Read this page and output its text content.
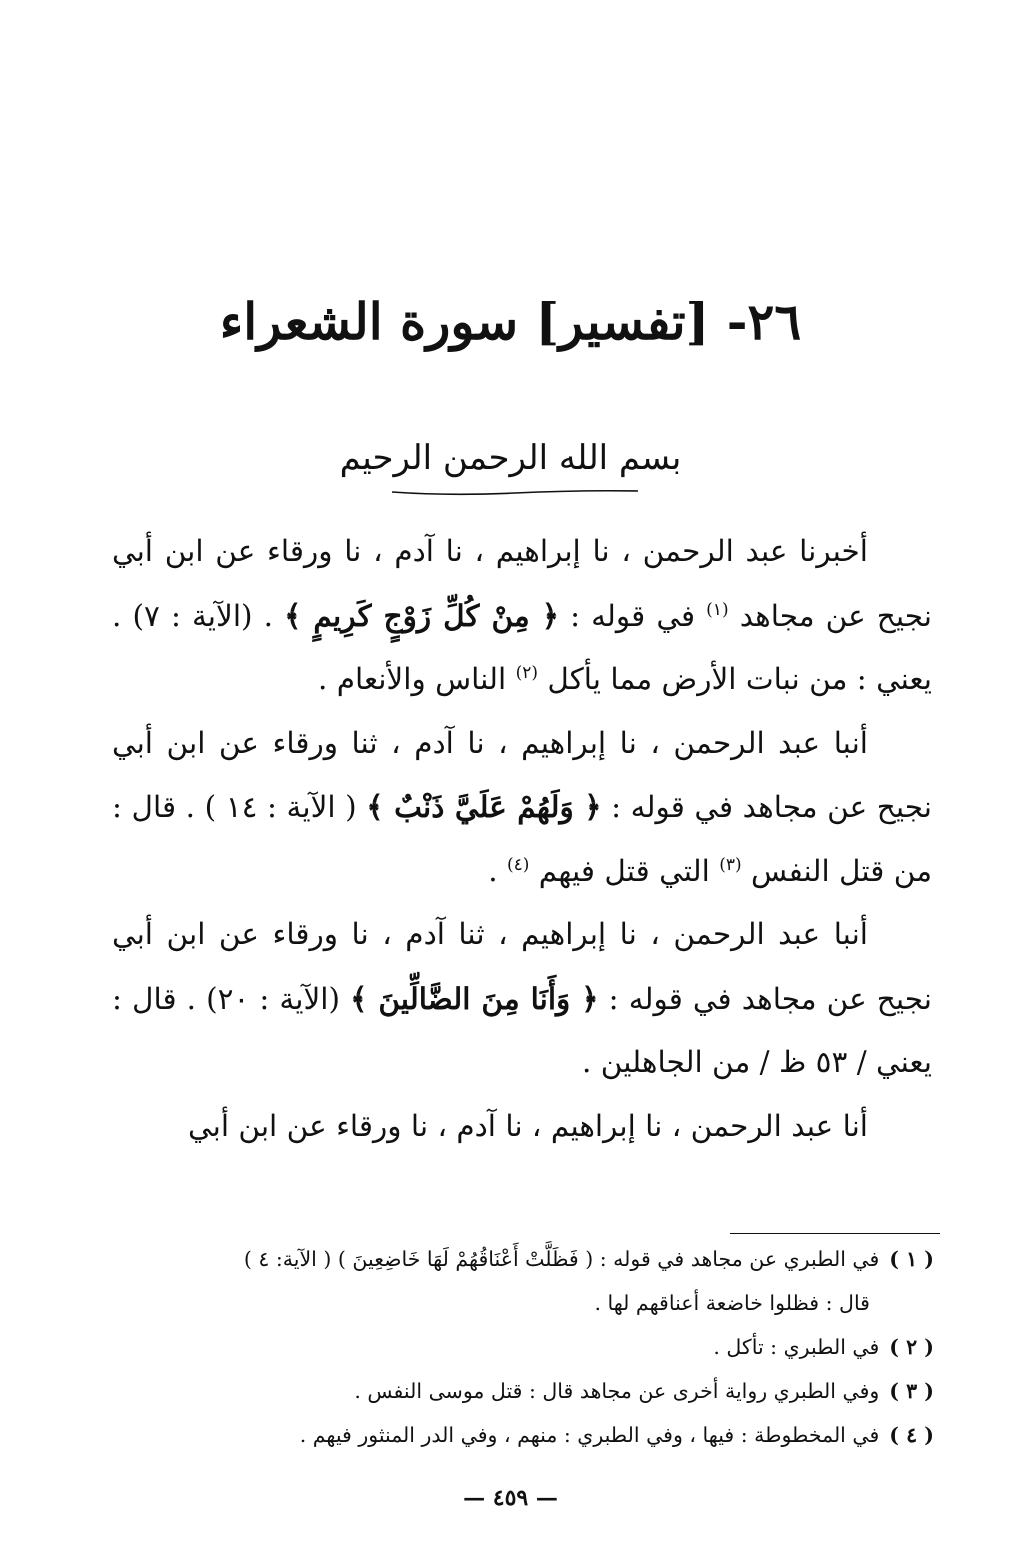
٢٦- [تفسير] سورة الشعراء
بسم الله الرحمن الرحيم

أخبرنا عبد الرحمن ، نا إبراهيم ، نا آدم ، نا ورقاء عن ابن أبي نجيح عن مجاهد $^{(١)}$ في قوله : ﴿ مِنْ كُلِّ زَوْجٍ كَرِيمٍ ﴾ . (الآية : ٧) . يعني : من نبات الأرض مما يأكل $^{(٢)}$ الناس والأنعام .

أنبا عبد الرحمن ، نا إبراهيم ، نا آدم ، ثنا ورقاء عن ابن أبي نجيح عن مجاهد في قوله : ﴿ وَلَهُمْ عَلَيَّ ذَنْبٌ ﴾ ( الآية : ١٤ ) . قال : من قتل النفس $^{(٣)}$ التي قتل فيهم $^{(٤)}$ .

أنبا عبد الرحمن ، نا إبراهيم ، ثنا آدم ، نا ورقاء عن ابن أبي نجيح عن مجاهد في قوله : ﴿ وَأَنَا مِنَ الضَّالِّينَ ﴾ (الآية : ٢٠) . قال : يعني / ٥٣ ظ / من الجاهلين .

أنا عبد الرحمن ، نا إبراهيم ، نا آدم ، نا ورقاء عن ابن أبي

( ١ )في الطبري عن مجاهد في قوله : ( فَظَلَّتْ أَعْنَاقُهُمْ لَهَا خَاضِعِينَ ) ( الآية: ٤ )
قال : فظلوا خاضعة أعناقهم لها .
( ٢ )في الطبري : تأكل .
( ٣ )وفي الطبري رواية أخرى عن مجاهد قال : قتل موسى النفس .
( ٤ )في المخطوطة : فيها ، وفي الطبري : منهم ، وفي الدر المنثور فيهم .
— ٤٥٩ —
